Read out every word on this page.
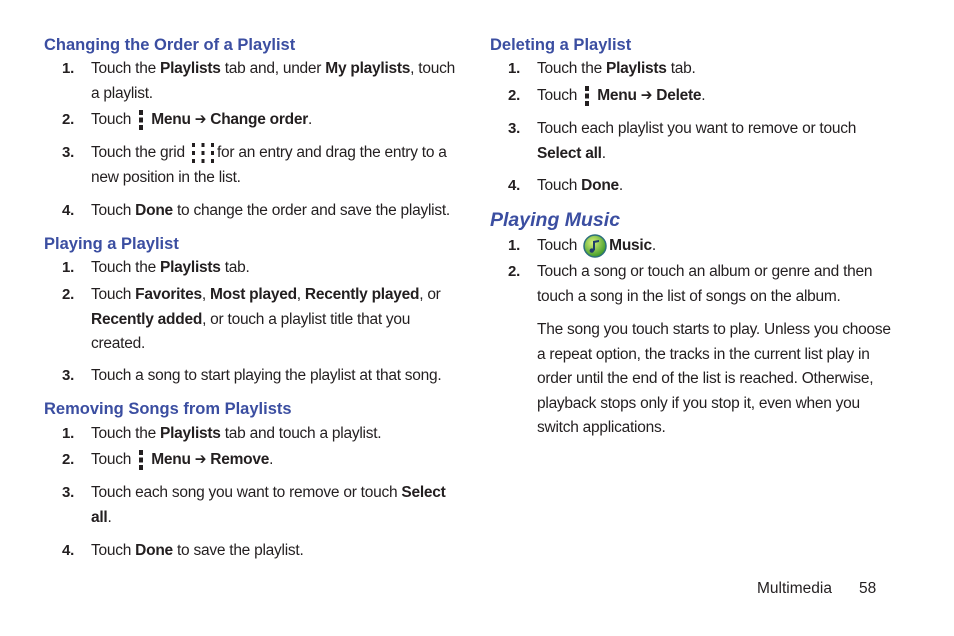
Changing the Order of a Playlist
1. Touch the Playlists tab and, under My playlists, touch a playlist.
2. Touch  Menu ➔ Change order.
3. Touch the grid for an entry and drag the entry to a new position in the list.
4. Touch Done to change the order and save the playlist.
Playing a Playlist
1. Touch the Playlists tab.
2. Touch Favorites, Most played, Recently played, or Recently added, or touch a playlist title that you created.
3. Touch a song to start playing the playlist at that song.
Removing Songs from Playlists
1. Touch the Playlists tab and touch a playlist.
2. Touch  Menu ➔ Remove.
3. Touch each song you want to remove or touch Select all.
4. Touch Done to save the playlist.
Deleting a Playlist
1. Touch the Playlists tab.
2. Touch  Menu ➔ Delete.
3. Touch each playlist you want to remove or touch Select all.
4. Touch Done.
Playing Music
1. Touch Music.
2. Touch a song or touch an album or genre and then touch a song in the list of songs on the album.

The song you touch starts to play. Unless you choose a repeat option, the tracks in the current list play in order until the end of the list is reached. Otherwise, playback stops only if you stop it, even when you switch applications.

Multimedia 58
